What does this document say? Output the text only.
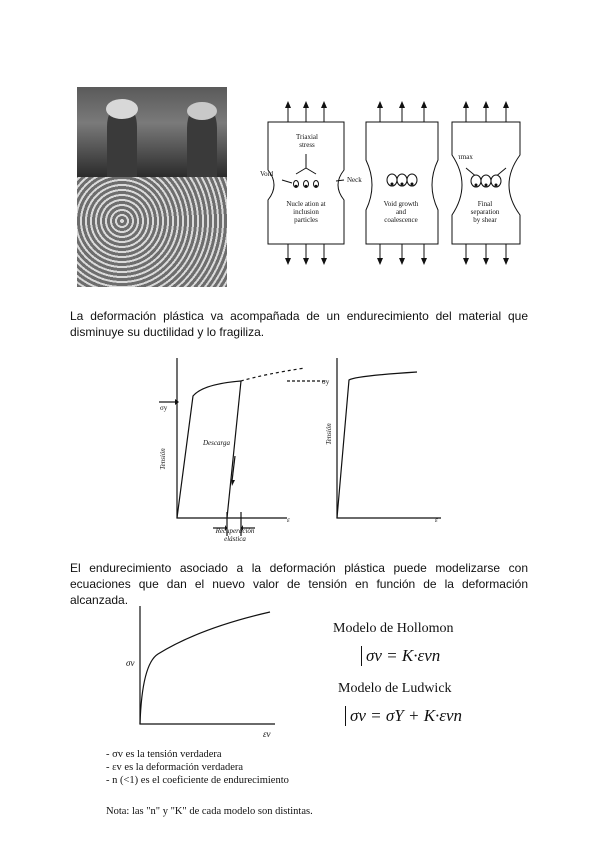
Triaxial
stress
Void
Neck
Nucle ation at
inclusion
particles
Void growth
and
coalescence
Final
separation
by shear
τmax
La deformación plástica va acompañada de un endurecimiento del material que disminuye su ductilidad y lo fragiliza.
σy
σy
Tensión
Tensión
Descarga
ε	ε
Recuperación
elástica
El endurecimiento asociado a la deformación plástica puede modelizarse con ecuaciones que dan el nuevo valor de tensión en función de la deformación alcanzada.
σv
εv
Modelo de Hollomon
σv = K·εvn
Modelo de Ludwick
σv = σY + K·εvn
- σv es la tensión verdadera
- εv es la deformación verdadera
- n (<1) es el coeficiente de endurecimiento
Nota: las "n" y "K" de cada modelo son distintas.
